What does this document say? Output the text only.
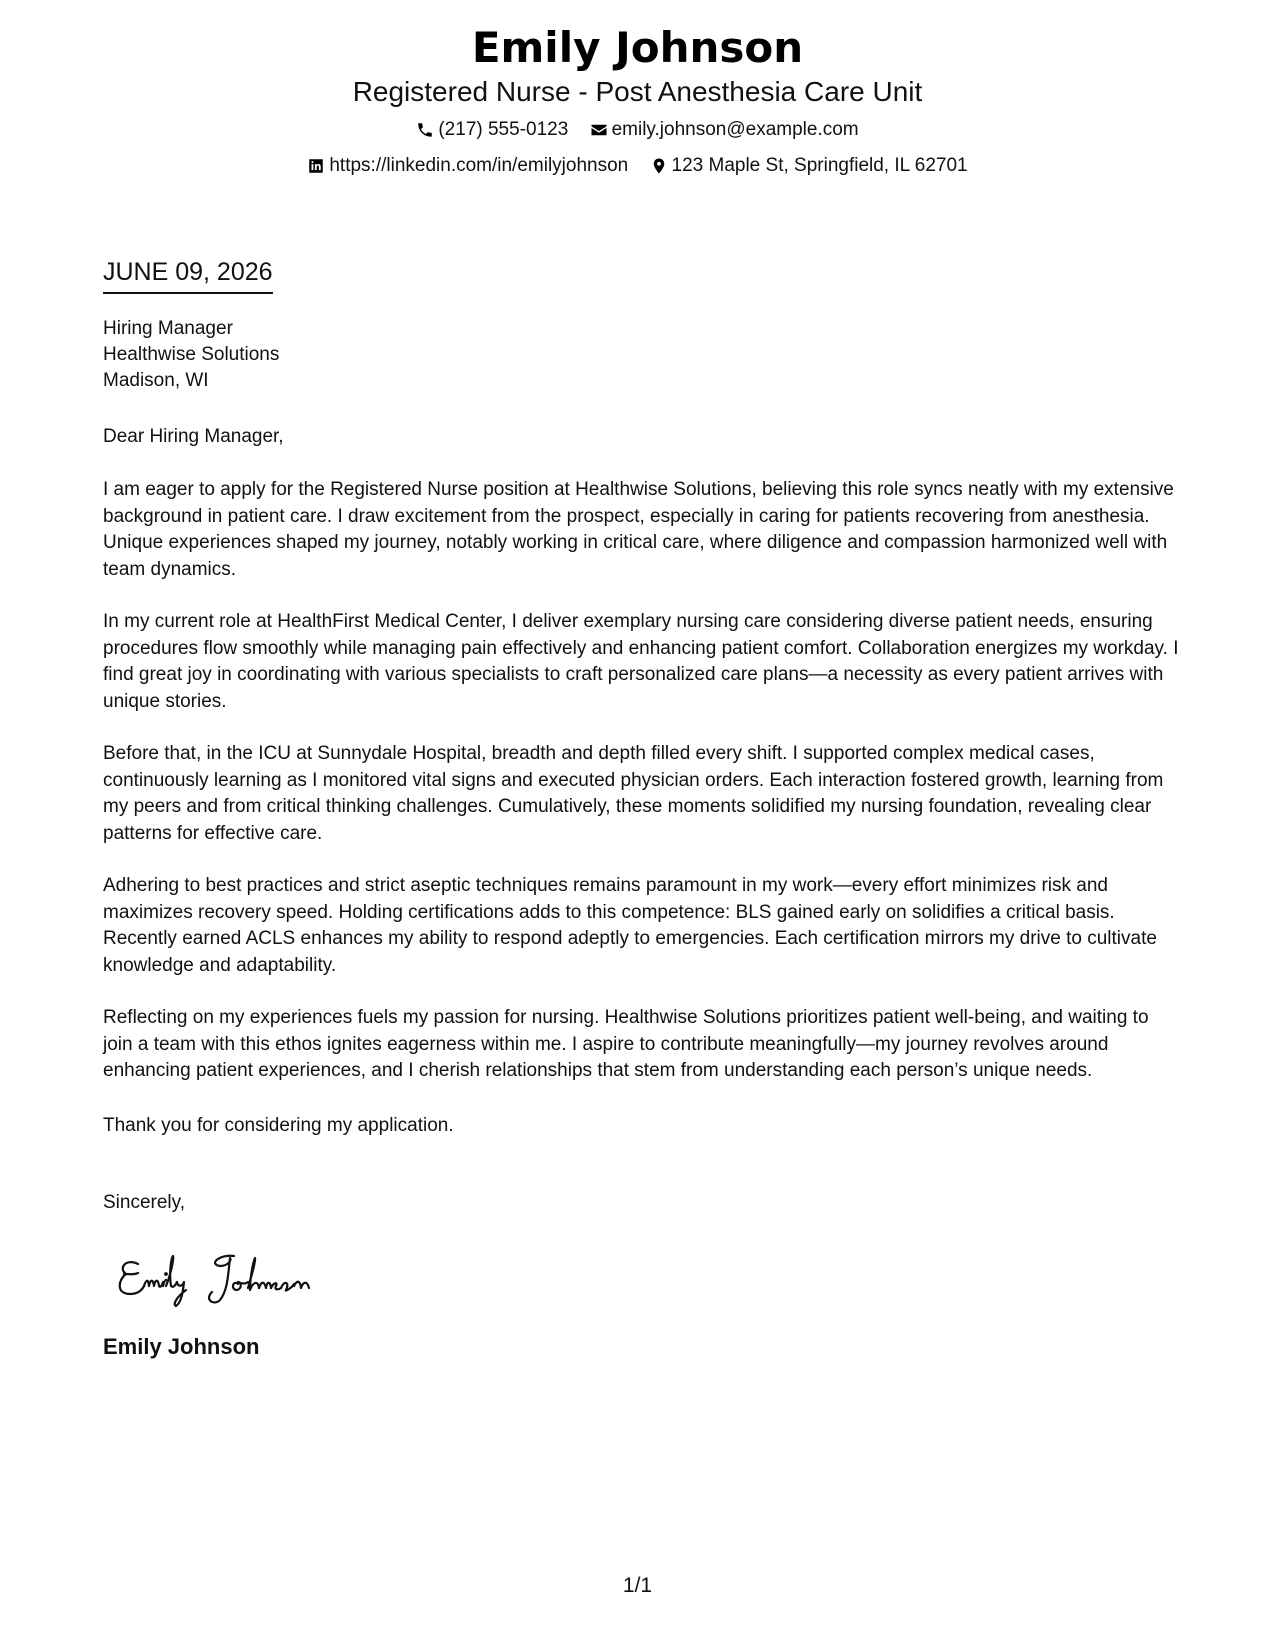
Emily Johnson
Registered Nurse - Post Anesthesia Care Unit
(217) 555-0123
emily.johnson@example.com
https://linkedin.com/in/emilyjohnson
123 Maple St, Springfield, IL 62701
JUNE 09, 2026
Hiring Manager
Healthwise Solutions
Madison, WI
Dear Hiring Manager,

I am eager to apply for the Registered Nurse position at Healthwise Solutions, believing this role syncs neatly with my extensive background in patient care. I draw excitement from the prospect, especially in caring for patients recovering from anesthesia. Unique experiences shaped my journey, notably working in critical care, where diligence and compassion harmonized well with team dynamics.

In my current role at HealthFirst Medical Center, I deliver exemplary nursing care considering diverse patient needs, ensuring procedures flow smoothly while managing pain effectively and enhancing patient comfort. Collaboration energizes my workday. I find great joy in coordinating with various specialists to craft personalized care plans—a necessity as every patient arrives with unique stories.

Before that, in the ICU at Sunnydale Hospital, breadth and depth filled every shift. I supported complex medical cases, continuously learning as I monitored vital signs and executed physician orders. Each interaction fostered growth, learning from my peers and from critical thinking challenges. Cumulatively, these moments solidified my nursing foundation, revealing clear patterns for effective care.

Adhering to best practices and strict aseptic techniques remains paramount in my work—every effort minimizes risk and maximizes recovery speed. Holding certifications adds to this competence: BLS gained early on solidifies a critical basis. Recently earned ACLS enhances my ability to respond adeptly to emergencies. Each certification mirrors my drive to cultivate knowledge and adaptability.

Reflecting on my experiences fuels my passion for nursing. Healthwise Solutions prioritizes patient well-being, and waiting to join a team with this ethos ignites eagerness within me. I aspire to contribute meaningfully—my journey revolves around enhancing patient experiences, and I cherish relationships that stem from understanding each person’s unique needs.

Thank you for considering my application.
Sincerely,
Emily Johnson
1/1
